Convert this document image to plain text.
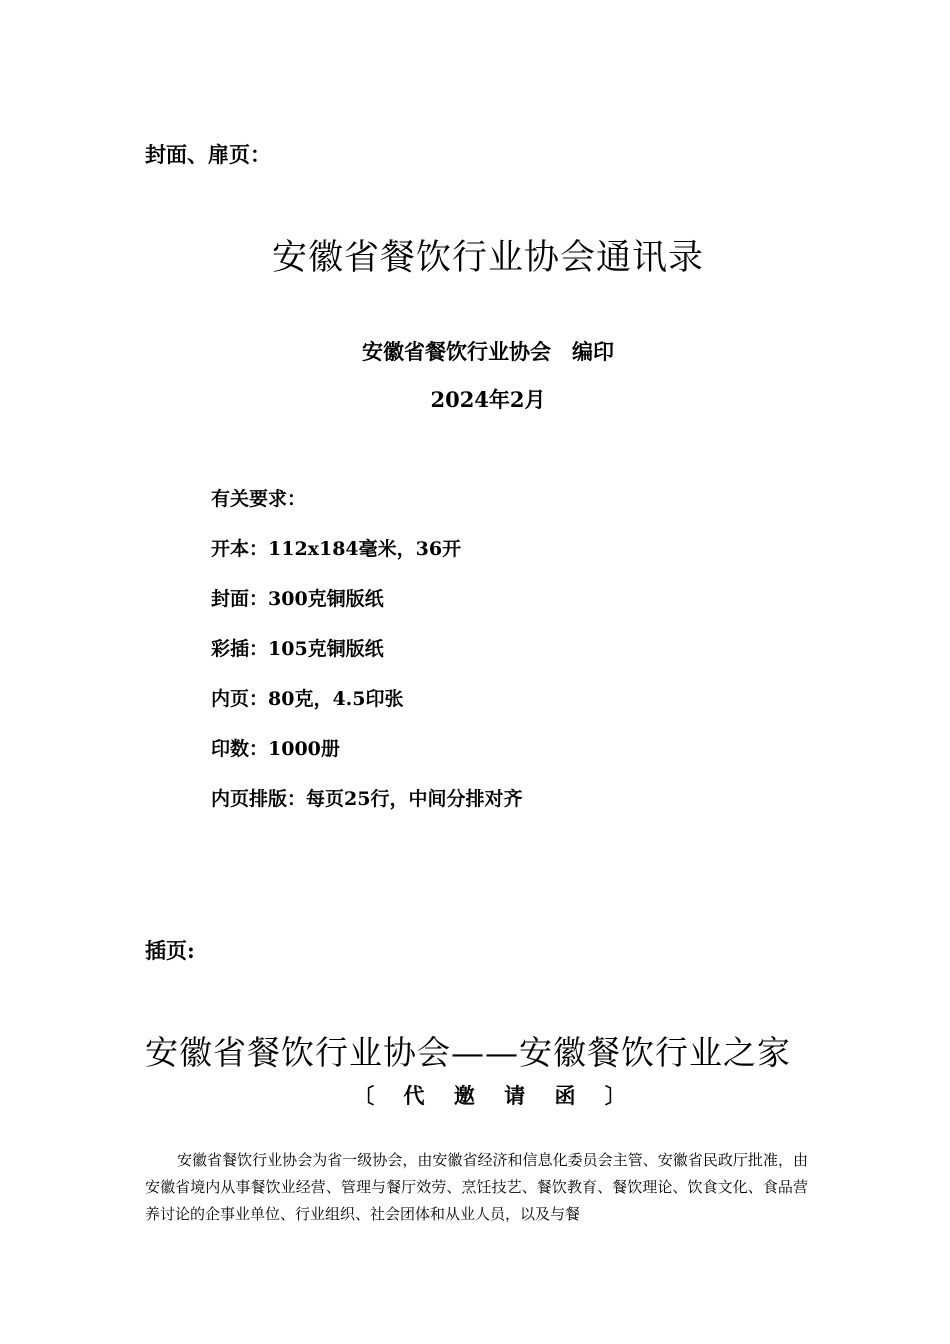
封面、扉页：
安徽省餐饮行业协会通讯录
安徽省餐饮行业协会　编印
2024年2月
有关要求：
开本：112x184毫米，36开
封面：300克铜版纸
彩插：105克铜版纸
内页：80克，4.5印张
印数：1000册
内页排版：每页25行，中间分排对齐
插页:
安徽省餐饮行业协会——安徽餐饮行业之家
〔 代 邀 请 函 〕
安徽省餐饮行业协会为省一级协会，由安徽省经济和信息化委员会主管、安徽省民政厅批准，由安徽省境内从事餐饮业经营、管理与餐厅效劳、烹饪技艺、餐饮教育、餐饮理论、饮食文化、食品营养讨论的企事业单位、行业组织、社会团体和从业人员，以及与餐
